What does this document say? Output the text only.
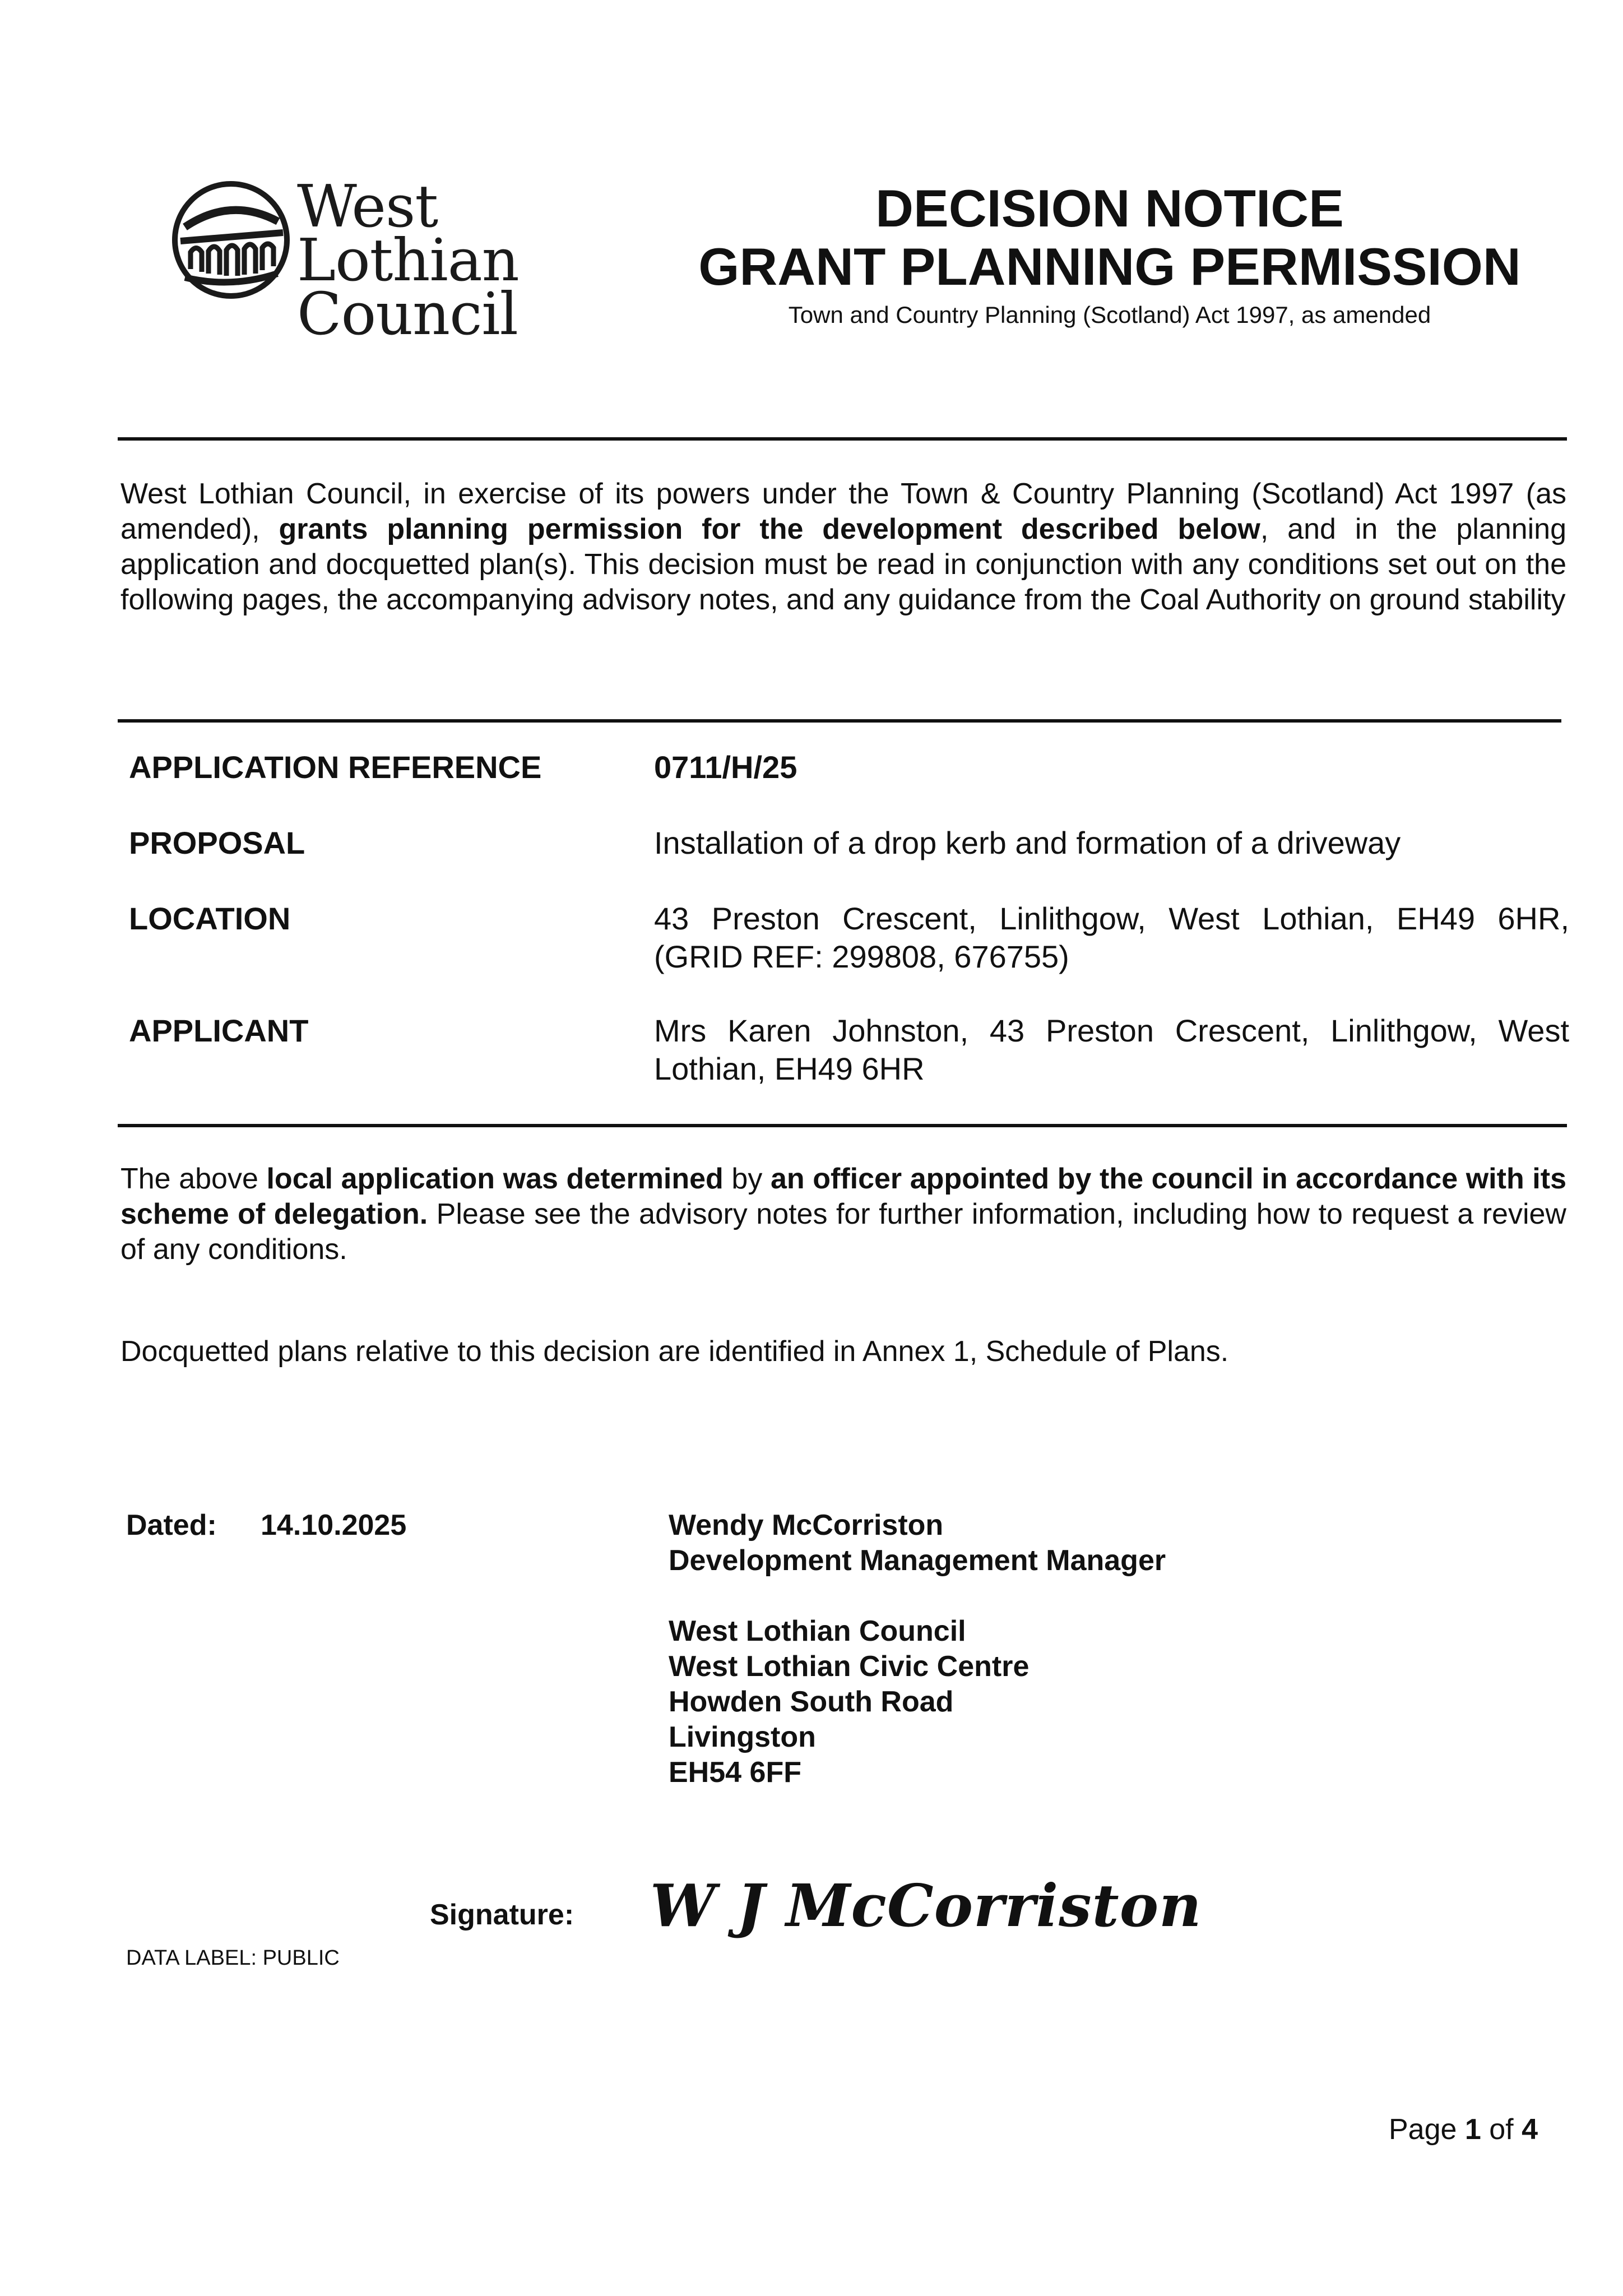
West Lothian
Council
DECISION NOTICE
GRANT PLANNING PERMISSION
Town and Country Planning (Scotland) Act 1997, as amended
West Lothian Council, in exercise of its powers under the Town & Country Planning (Scotland) Act 1997 (as amended), grants planning permission for the development described below, and in the planning application and docquetted plan(s). This decision must be read in conjunction with any conditions set out on the following pages, the accompanying advisory notes, and any guidance from the Coal Authority on ground stability
APPLICATION REFERENCE	0711/H/25
PROPOSAL	Installation of a drop kerb and formation of a driveway
LOCATION	43 Preston Crescent, Linlithgow, West Lothian, EH49 6HR, (GRID REF: 299808, 676755)
APPLICANT	Mrs Karen Johnston, 43 Preston Crescent, Linlithgow, West Lothian, EH49 6HR
The above local application was determined by an officer appointed by the council in accordance with its scheme of delegation. Please see the advisory notes for further information, including how to request a review of any conditions.
Docquetted plans relative to this decision are identified in Annex 1, Schedule of Plans.
Dated: 14.10.2025	Wendy McCorriston
Development Management Manager
West Lothian Council
West Lothian Civic Centre
Howden South Road
Livingston
EH54 6FF
Signature: W J McCorriston
DATA LABEL: PUBLIC
Page 1 of 4
